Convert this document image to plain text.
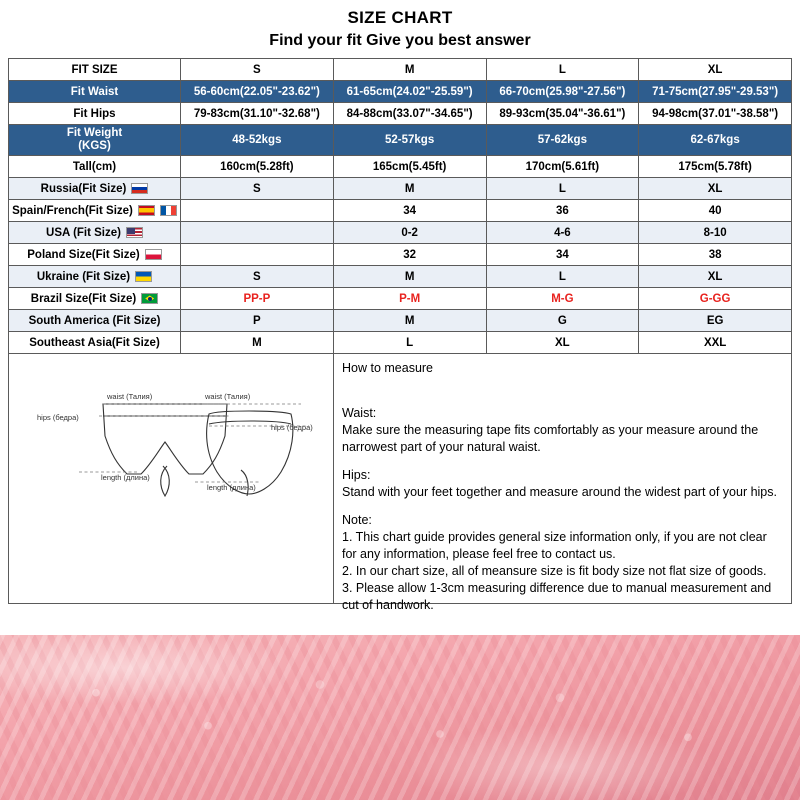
SIZE CHART
Find your fit Give you best answer
FIT SIZE	S	M	L	XL
Fit Waist	56-60cm(22.05"-23.62")	61-65cm(24.02"-25.59")	66-70cm(25.98"-27.56")	71-75cm(27.95"-29.53")
Fit Hips	79-83cm(31.10"-32.68")	84-88cm(33.07"-34.65")	89-93cm(35.04"-36.61")	94-98cm(37.01"-38.58")

Fit Weight
(KGS)	48-52kgs	52-57kgs	57-62kgs	62-67kgs
Tall(cm)	160cm(5.28ft)	165cm(5.45ft)	170cm(5.61ft)	175cm(5.78ft)
Russia(Fit Size)	S	M	L	XL
Spain/French(Fit Size)		34	36	40
USA (Fit Size)		0-2	4-6	8-10
Poland Size(Fit Size)		32	34	38
Ukraine (Fit Size)	S	M	L	XL
Brazil Size(Fit Size)	PP-P	P-M	M-G	G-GG
South America (Fit Size)	P	M	G	EG
Southeast Asia(Fit Size)	M	L	XL	XXL
waist (Талия)
hips (бедра)
length (длина)
waist (Талия)
hips (бедра)
length (длина)

How to measure

Waist:

Make sure the measuring tape fits comfortably as your measure around the narrowest part of your natural waist.

Hips:

Stand with your feet together and measure around the widest part of your hips.

Note:

1. This chart guide provides general size information only, if you are not clear for any information, please feel free to contact us.

2. In our chart size, all of meansure size is fit body size not flat size of goods.

3. Please allow 1-3cm measuring difference due to manual measurement and cut of handwork.
